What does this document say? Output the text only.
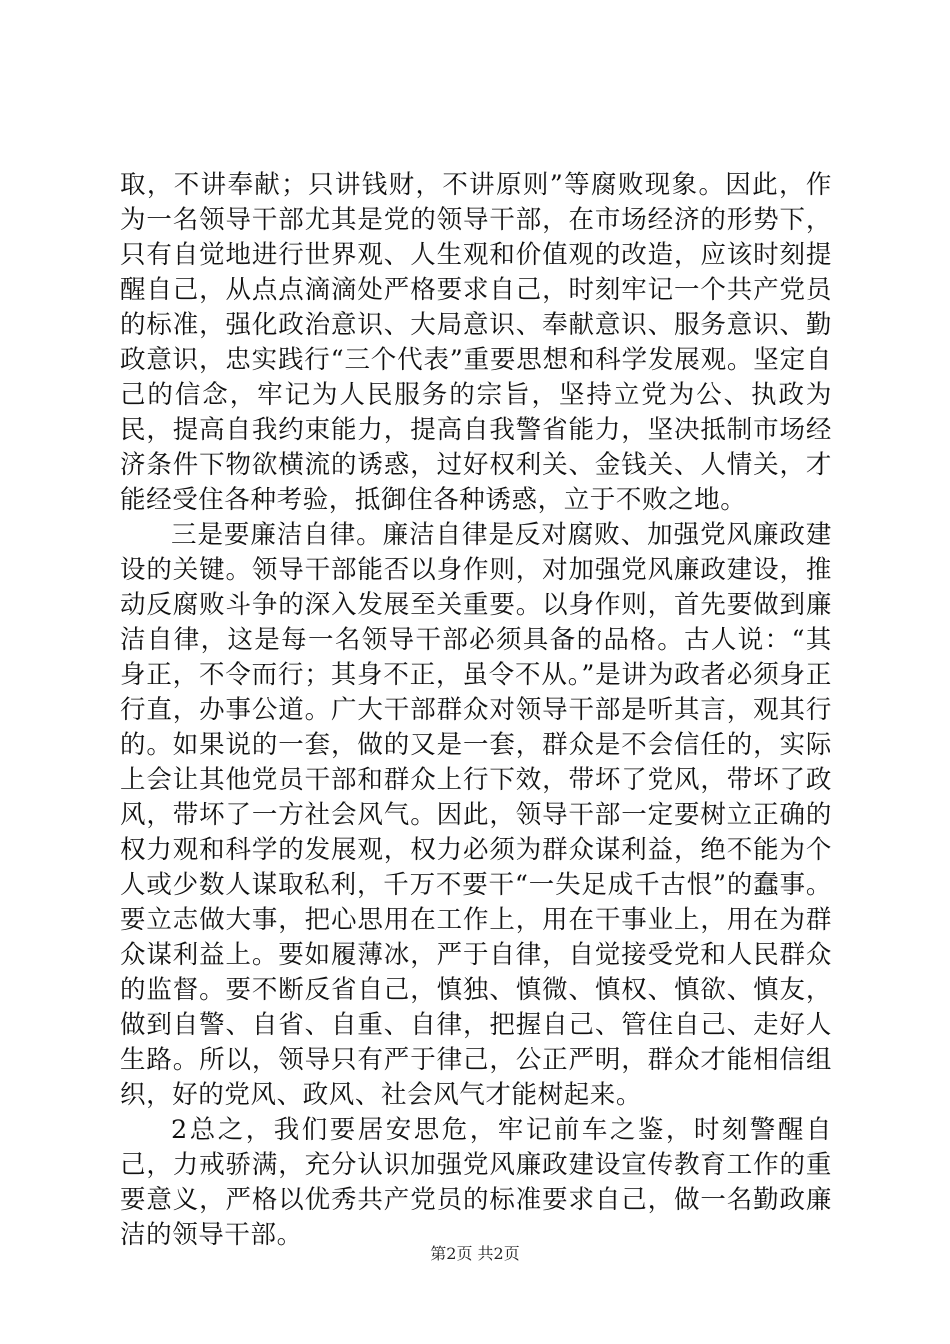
取，不讲奉献；只讲钱财，不讲原则”等腐败现象。因此，作为一名领导干部尤其是党的领导干部，在市场经济的形势下，只有自觉地进行世界观、人生观和价值观的改造，应该时刻提醒自己，从点点滴滴处严格要求自己，时刻牢记一个共产党员的标准，强化政治意识、大局意识、奉献意识、服务意识、勤政意识，忠实践行“三个代表”重要思想和科学发展观。坚定自己的信念，牢记为人民服务的宗旨，坚持立党为公、执政为民，提高自我约束能力，提高自我警省能力，坚决抵制市场经济条件下物欲横流的诱惑，过好权利关、金钱关、人情关，才能经受住各种考验，抵御住各种诱惑，立于不败之地。

三是要廉洁自律。廉洁自律是反对腐败、加强党风廉政建设的关键。领导干部能否以身作则，对加强党风廉政建设，推动反腐败斗争的深入发展至关重要。以身作则，首先要做到廉洁自律，这是每一名领导干部必须具备的品格。古人说：“其身正，不令而行；其身不正，虽令不从。”是讲为政者必须身正行直，办事公道。广大干部群众对领导干部是听其言，观其行的。如果说的一套，做的又是一套，群众是不会信任的，实际上会让其他党员干部和群众上行下效，带坏了党风，带坏了政风，带坏了一方社会风气。因此，领导干部一定要树立正确的权力观和科学的发展观，权力必须为群众谋利益，绝不能为个人或少数人谋取私利，千万不要干“一失足成千古恨”的蠢事。要立志做大事，把心思用在工作上，用在干事业上，用在为群众谋利益上。要如履薄冰，严于自律，自觉接受党和人民群众的监督。要不断反省自己，慎独、慎微、慎权、慎欲、慎友，做到自警、自省、自重、自律，把握自己、管住自己、走好人生路。所以，领导只有严于律己，公正严明，群众才能相信组织，好的党风、政风、社会风气才能树起来。

2总之，我们要居安思危，牢记前车之鉴，时刻警醒自己，力戒骄满，充分认识加强党风廉政建设宣传教育工作的重要意义，严格以优秀共产党员的标准要求自己，做一名勤政廉洁的领导干部。

第2页 共2页
